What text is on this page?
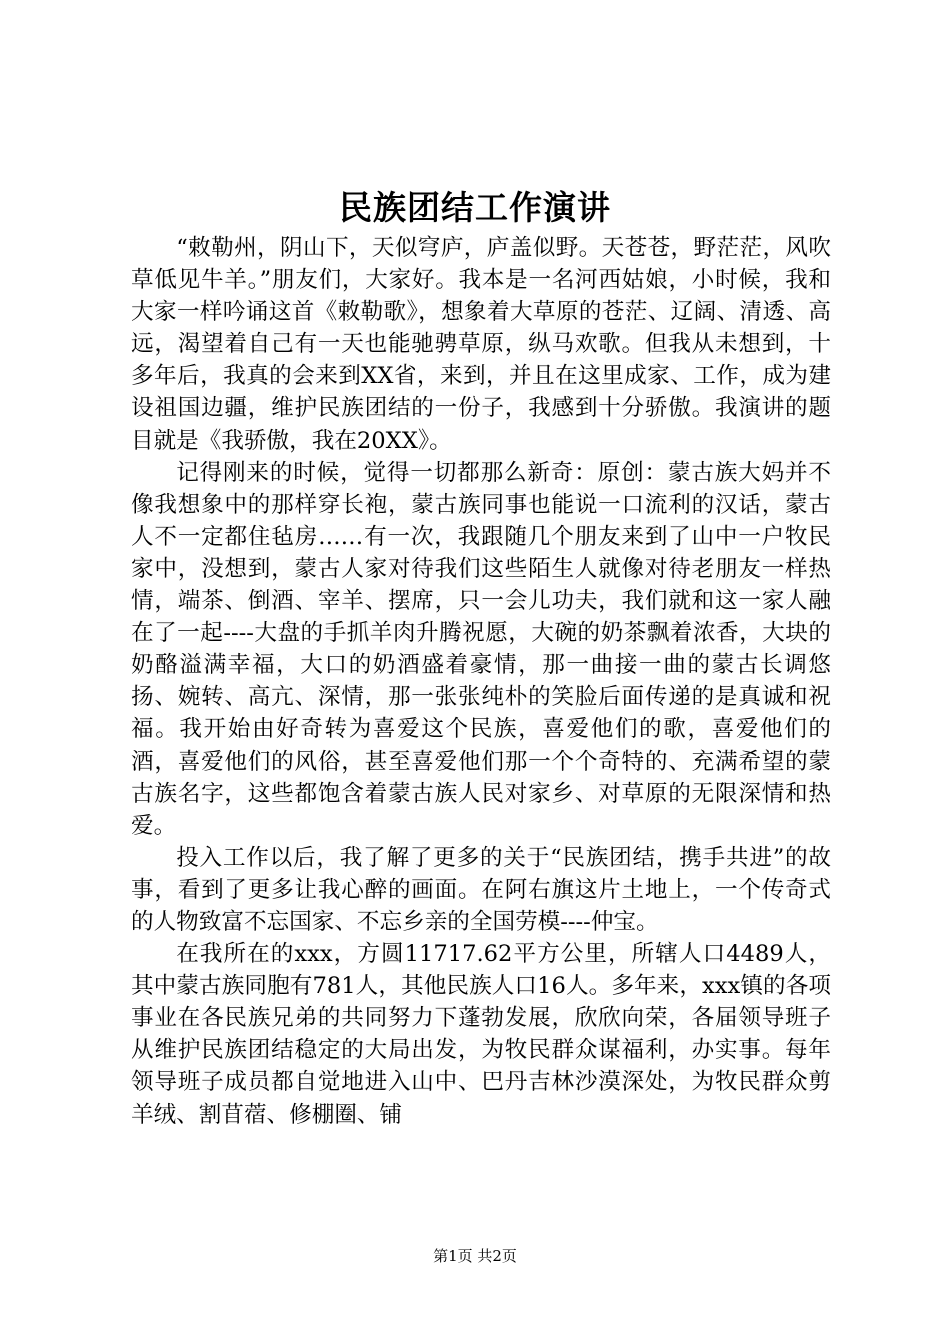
民族团结工作演讲

“敕勒州，阴山下，天似穹庐，庐盖似野。天苍苍，野茫茫，风吹草低见牛羊。”朋友们，大家好。我本是一名河西姑娘，小时候，我和大家一样吟诵这首《敕勒歌》，想象着大草原的苍茫、辽阔、清透、高远，渴望着自己有一天也能驰骋草原，纵马欢歌。但我从未想到，十多年后，我真的会来到XX省，来到，并且在这里成家、工作，成为建设祖国边疆，维护民族团结的一份子，我感到十分骄傲。我演讲的题目就是《我骄傲，我在20XX》。

记得刚来的时候，觉得一切都那么新奇：原创：蒙古族大妈并不像我想象中的那样穿长袍，蒙古族同事也能说一口流利的汉话，蒙古人不一定都住毡房……有一次，我跟随几个朋友来到了山中一户牧民家中，没想到，蒙古人家对待我们这些陌生人就像对待老朋友一样热情，端茶、倒酒、宰羊、摆席，只一会儿功夫，我们就和这一家人融在了一起----大盘的手抓羊肉升腾祝愿，大碗的奶茶飘着浓香，大块的奶酪溢满幸福，大口的奶酒盛着豪情，那一曲接一曲的蒙古长调悠扬、婉转、高亢、深情，那一张张纯朴的笑脸后面传递的是真诚和祝福。我开始由好奇转为喜爱这个民族，喜爱他们的歌，喜爱他们的酒，喜爱他们的风俗，甚至喜爱他们那一个个奇特的、充满希望的蒙古族名字，这些都饱含着蒙古族人民对家乡、对草原的无限深情和热爱。

投入工作以后，我了解了更多的关于“民族团结，携手共进”的故事，看到了更多让我心醉的画面。在阿右旗这片土地上，一个传奇式的人物致富不忘国家、不忘乡亲的全国劳模----仲宝。

在我所在的xxx，方圆11717.62平方公里，所辖人口4489人，其中蒙古族同胞有781人，其他民族人口16人。多年来，xxx镇的各项事业在各民族兄弟的共同努力下蓬勃发展，欣欣向荣，各届领导班子从维护民族团结稳定的大局出发，为牧民群众谋福利，办实事。每年领导班子成员都自觉地进入山中、巴丹吉林沙漠深处，为牧民群众剪羊绒、割苜蓿、修棚圈、铺

第1页 共2页
